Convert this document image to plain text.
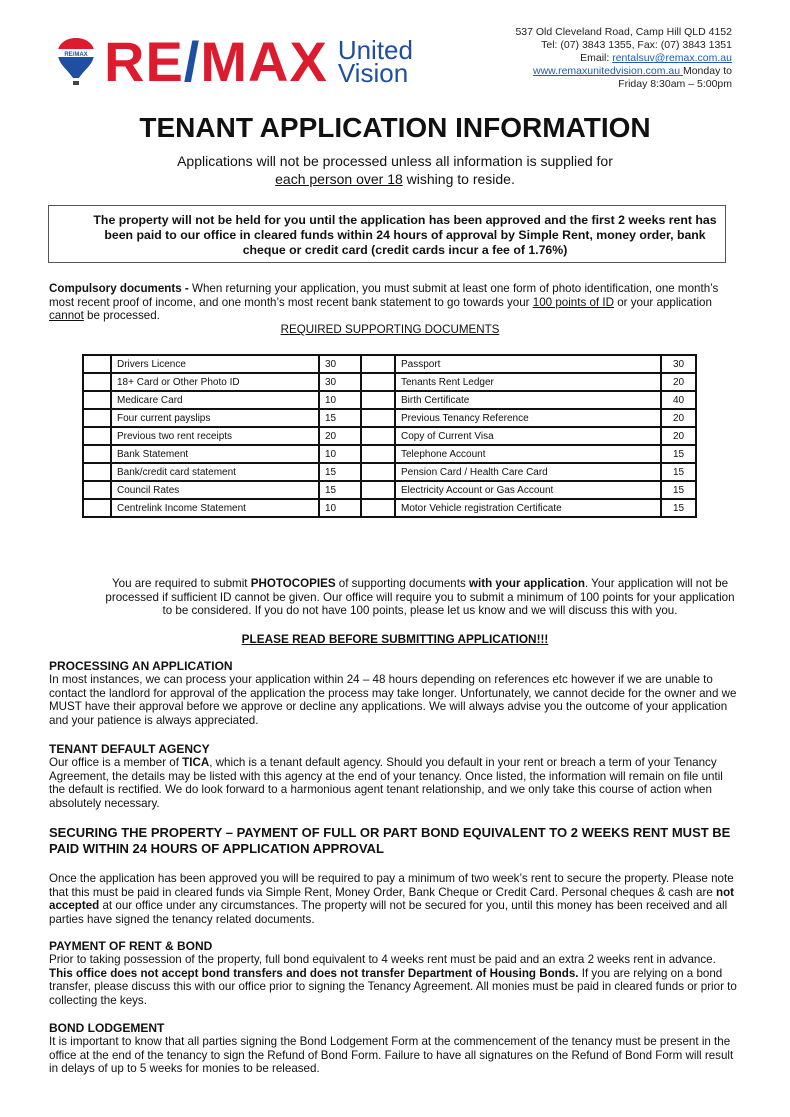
RE/MAX RE / MAX United
Vision
537 Old Cleveland Road, Camp Hill QLD 4152
Tel: (07) 3843 1355, Fax: (07) 3843 1351
Email: rentalsuv@remax.com.au
www.remaxunitedvision.com.au Monday to
Friday 8:30am – 5:00pm
TENANT APPLICATION INFORMATION
Applications will not be processed unless all information is supplied for
each person over 18 wishing to reside.
The property will not be held for you until the application has been approved and the first 2 weeks rent has been paid to our office in cleared funds within 24 hours of approval by Simple Rent, money order, bank cheque or credit card (credit cards incur a fee of 1.76%)
Compulsory documents - When returning your application, you must submit at least one form of photo identification, one month’s most recent proof of income, and one month’s most recent bank statement to go towards your 100 points of ID or your application cannot be processed.
REQUIRED SUPPORTING DOCUMENTS
	Drivers Licence	30		Passport	30
	18+ Card or Other Photo ID	30		Tenants Rent Ledger	20
	Medicare Card	10		Birth Certificate	40
	Four current payslips	15		Previous Tenancy Reference	20
	Previous two rent receipts	20		Copy of Current Visa	20
	Bank Statement	10		Telephone Account	15
	Bank/credit card statement	15		Pension Card / Health Care Card	15
	Council Rates	15		Electricity Account or Gas Account	15
	Centrelink Income Statement	10		Motor Vehicle registration Certificate	15
You are required to submit PHOTOCOPIES of supporting documents with your application. Your application will not be processed if sufficient ID cannot be given. Our office will require you to submit a minimum of 100 points for your application to be considered. If you do not have 100 points, please let us know and we will discuss this with you.
PLEASE READ BEFORE SUBMITTING APPLICATION!!!
PROCESSING AN APPLICATION
In most instances, we can process your application within 24 – 48 hours depending on references etc however if we are unable to contact the landlord for approval of the application the process may take longer. Unfortunately, we cannot decide for the owner and we MUST have their approval before we approve or decline any applications. We will always advise you the outcome of your application and your patience is always appreciated.
TENANT DEFAULT AGENCY
Our office is a member of TICA, which is a tenant default agency. Should you default in your rent or breach a term of your Tenancy Agreement, the details may be listed with this agency at the end of your tenancy. Once listed, the information will remain on file until the default is rectified. We do look forward to a harmonious agent tenant relationship, and we only take this course of action when absolutely necessary.
SECURING THE PROPERTY – PAYMENT OF FULL OR PART BOND EQUIVALENT TO 2 WEEKS RENT MUST BE PAID WITHIN 24 HOURS OF APPLICATION APPROVAL
Once the application has been approved you will be required to pay a minimum of two week’s rent to secure the property. Please note that this must be paid in cleared funds via Simple Rent, Money Order, Bank Cheque or Credit Card. Personal cheques & cash are not accepted at our office under any circumstances. The property will not be secured for you, until this money has been received and all parties have signed the tenancy related documents.
PAYMENT OF RENT & BOND
Prior to taking possession of the property, full bond equivalent to 4 weeks rent must be paid and an extra 2 weeks rent in advance. This office does not accept bond transfers and does not transfer Department of Housing Bonds. If you are relying on a bond transfer, please discuss this with our office prior to signing the Tenancy Agreement. All monies must be paid in cleared funds or prior to collecting the keys.
BOND LODGEMENT
It is important to know that all parties signing the Bond Lodgement Form at the commencement of the tenancy must be present in the office at the end of the tenancy to sign the Refund of Bond Form. Failure to have all signatures on the Refund of Bond Form will result in delays of up to 5 weeks for monies to be released.
